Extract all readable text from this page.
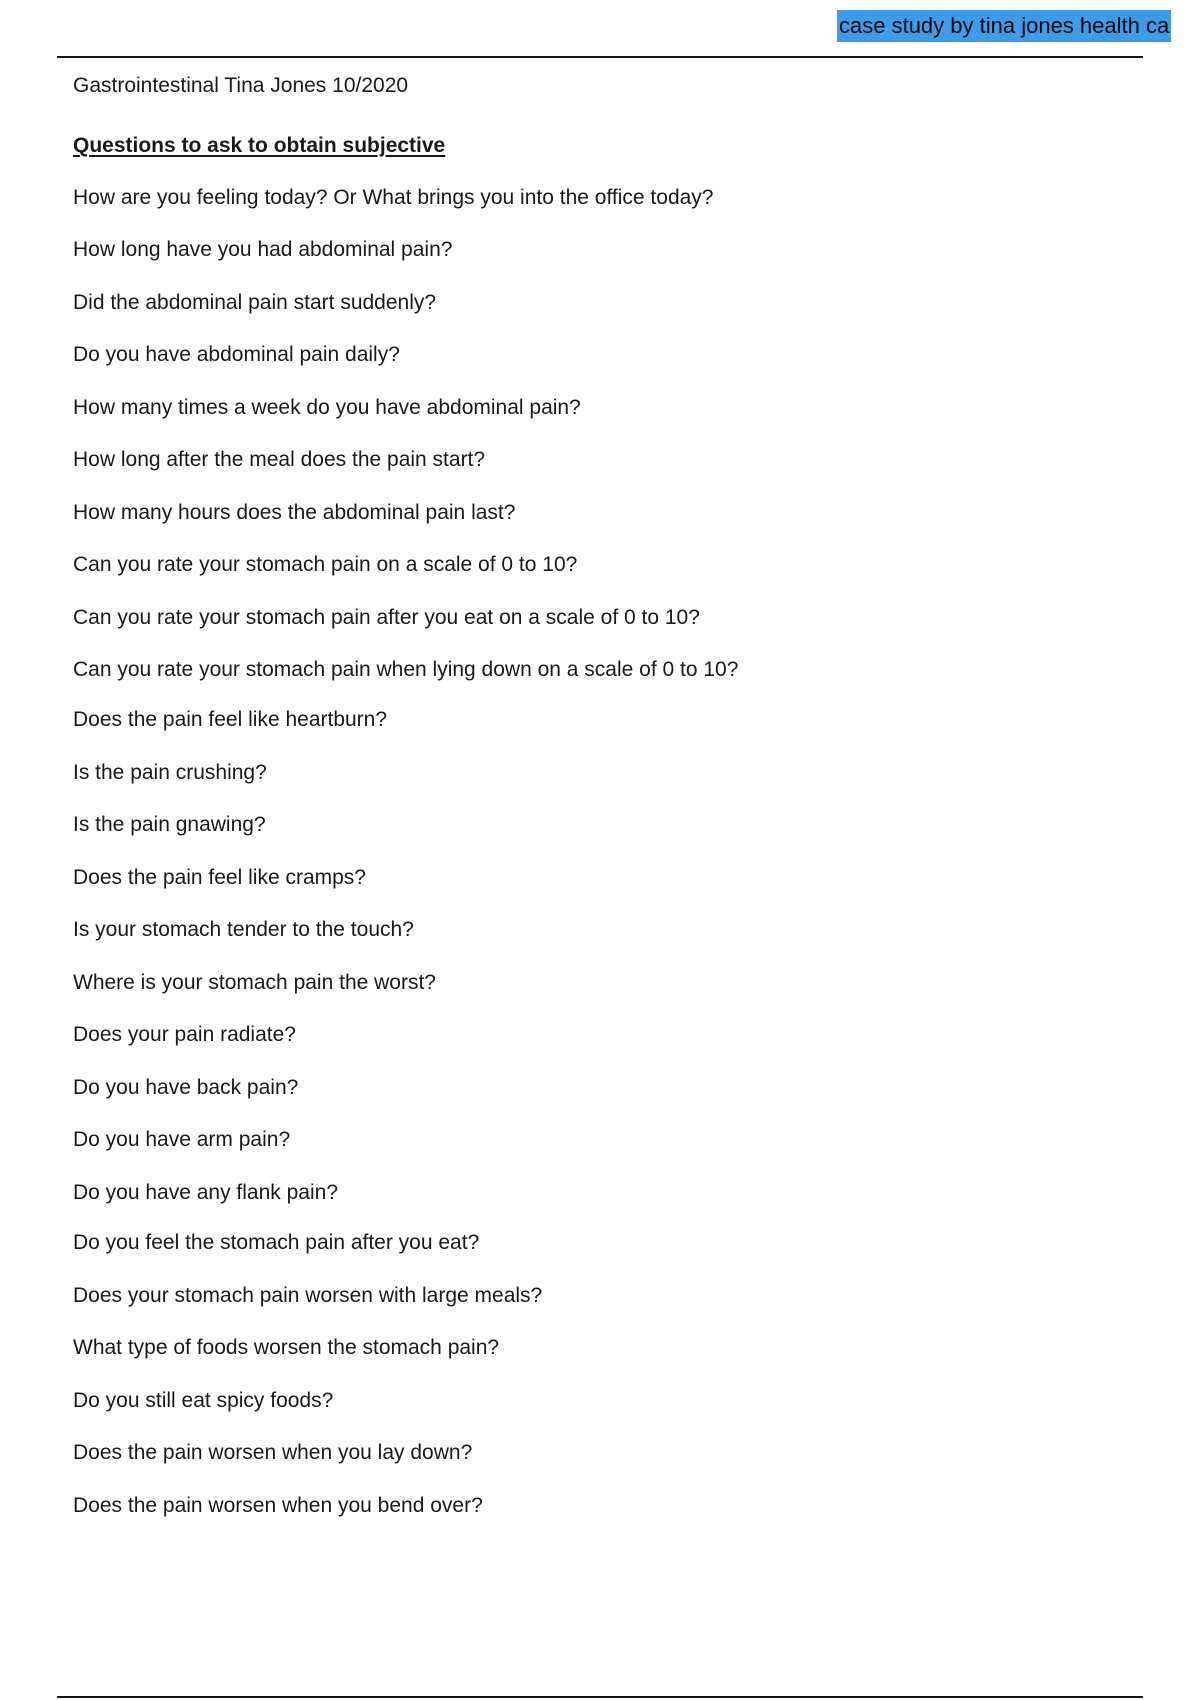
case study by tina jones health ca
Gastrointestinal Tina Jones 10/2020
Questions to ask to obtain subjective
How are you feeling today? Or What brings you into the office today?
How long have you had abdominal pain?
Did the abdominal pain start suddenly?
Do you have abdominal pain daily?
How many times a week do you have abdominal pain?
How long after the meal does the pain start?
How many hours does the abdominal pain last?
Can you rate your stomach pain on a scale of 0 to 10?
Can you rate your stomach pain after you eat on a scale of 0 to 10?
Can you rate your stomach pain when lying down on a scale of 0 to 10?
Does the pain feel like heartburn?
Is the pain crushing?
Is the pain gnawing?
Does the pain feel like cramps?
Is your stomach tender to the touch?
Where is your stomach pain the worst?
Does your pain radiate?
Do you have back pain?
Do you have arm pain?
Do you have any flank pain?
Do you feel the stomach pain after you eat?
Does your stomach pain worsen with large meals?
What type of foods worsen the stomach pain?
Do you still eat spicy foods?
Does the pain worsen when you lay down?
Does the pain worsen when you bend over?
